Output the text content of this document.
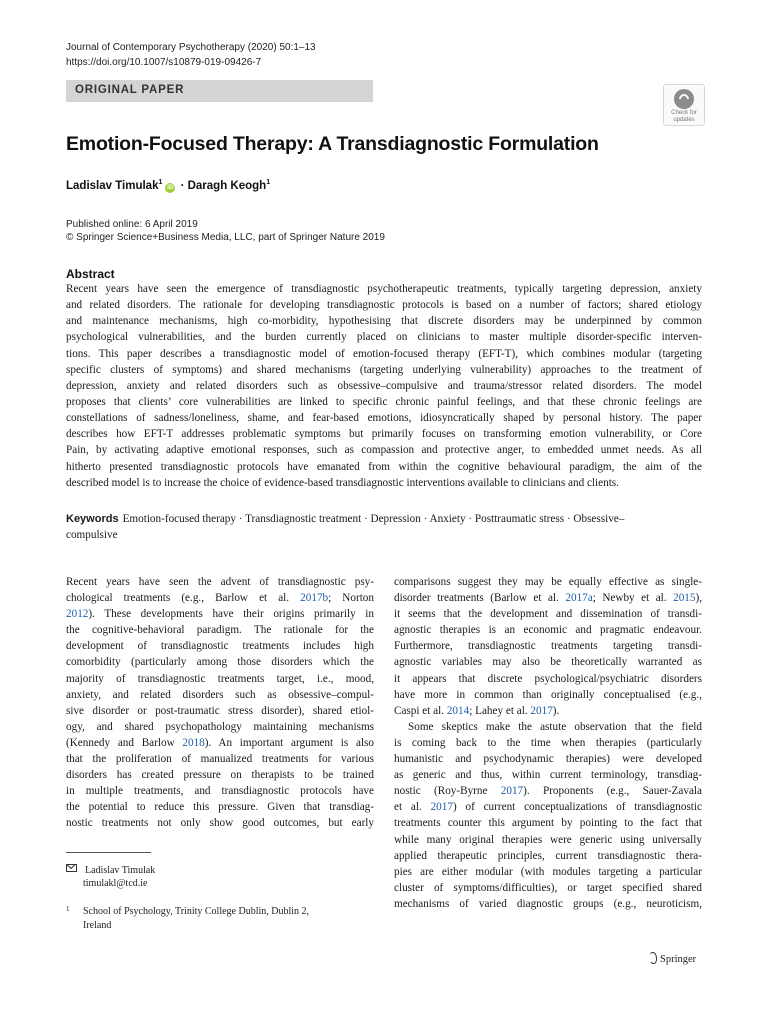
Journal of Contemporary Psychotherapy (2020) 50:1–13
https://doi.org/10.1007/s10879-019-09426-7
ORIGINAL PAPER
Check for
updates
Emotion-Focused Therapy: A Transdiagnostic Formulation
Ladislav Timulak$^1$iD · Daragh Keogh$^1$
Published online: 6 April 2019
© Springer Science+Business Media, LLC, part of Springer Nature 2019
Abstract
Recent years have seen the emergence of transdiagnostic psychotherapeutic treatments, typically targeting depression, anxiety
and related disorders. The rationale for developing transdiagnostic protocols is based on a number of factors; shared etiology
and maintenance mechanisms, high co-morbidity, hypothesising that discrete disorders may be underpinned by common
psychological vulnerabilities, and the burden currently placed on clinicians to master multiple disorder-specific interven-
tions. This paper describes a transdiagnostic model of emotion-focused therapy (EFT-T), which combines modular (targeting
specific clusters of symptoms) and shared mechanisms (targeting underlying vulnerability) approaches to the treatment of
depression, anxiety and related disorders such as obsessive–compulsive and trauma/stressor related disorders. The model
proposes that clients’ core vulnerabilities are linked to specific chronic painful feelings, and that these chronic feelings are
constellations of sadness/loneliness, shame, and fear-based emotions, idiosyncratically shaped by personal history. The paper
describes how EFT-T addresses problematic symptoms but primarily focuses on transforming emotion vulnerability, or Core
Pain, by activating adaptive emotional responses, such as compassion and protective anger, to embedded unmet needs. As all
hitherto presented transdiagnostic protocols have emanated from within the cognitive behavioural paradigm, the aim of the
described model is to increase the choice of evidence-based transdiagnostic interventions available to clinicians and clients.
Keywords Emotion-focused therapy · Transdiagnostic treatment · Depression · Anxiety · Posttraumatic stress · Obsessive–
compulsive
Recent years have seen the advent of transdiagnostic psy-
chological treatments (e.g., Barlow et al. 2017b; Norton
2012). These developments have their origins primarily in
the cognitive-behavioral paradigm. The rationale for the
development of transdiagnostic treatments includes high
comorbidity (particularly among those disorders which the
majority of transdiagnostic treatments target, i.e., mood,
anxiety, and related disorders such as obsessive–compul-
sive disorder or post-traumatic stress disorder), shared etiol-
ogy, and shared psychopathology maintaining mechanisms
(Kennedy and Barlow 2018). An important argument is also
that the proliferation of manualized treatments for various
disorders has created pressure on therapists to be trained
in multiple treatments, and transdiagnostic protocols have
the potential to reduce this pressure. Given that transdiag-
nostic treatments not only show good outcomes, but early
comparisons suggest they may be equally effective as single-
disorder treatments (Barlow et al. 2017a; Newby et al. 2015),
it seems that the development and dissemination of transdi-
agnostic therapies is an economic and pragmatic endeavour.
Furthermore, transdiagnostic treatments targeting transdi-
agnostic variables may also be theoretically warranted as
it appears that discrete psychological/psychiatric disorders
have more in common than originally conceptualised (e.g.,
Caspi et al. 2014; Lahey et al. 2017).
Some skeptics make the astute observation that the field
is coming back to the time when therapies (particularly
humanistic and psychodynamic therapies) were developed
as generic and thus, within current terminology, transdiag-
nostic (Roy-Byrne 2017). Proponents (e.g., Sauer-Zavala
et al. 2017) of current conceptualizations of transdiagnostic
treatments counter this argument by pointing to the fact that
while many original therapies were generic using universally
applied therapeutic principles, current transdiagnostic thera-
pies are either modular (with modules targeting a particular
cluster of symptoms/difficulties), or target specified shared
mechanisms of varied diagnostic groups (e.g., neuroticism,
Ladislav Timulak
timulakl@tcd.ie
$^1$ School of Psychology, Trinity College Dublin, Dublin 2,
Ireland
Springer
